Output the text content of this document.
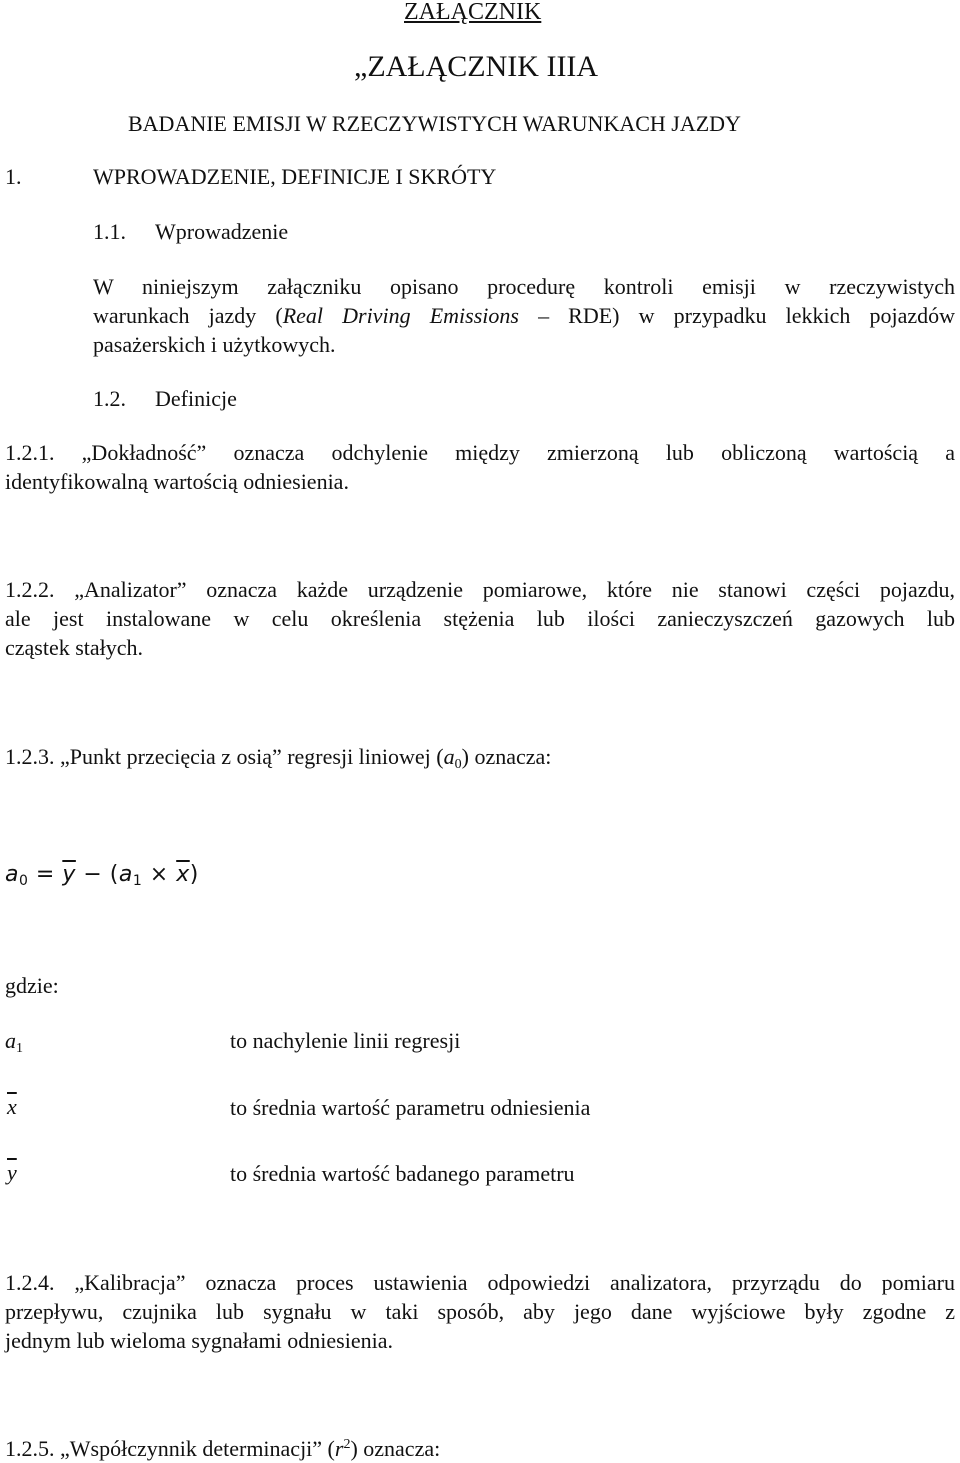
ZAŁĄCZNIK
„ZAŁĄCZNIK IIIA
BADANIE EMISJI W RZECZYWISTYCH WARUNKACH JAZDY
1.	WPROWADZENIE, DEFINICJE I SKRÓTY
1.1. Wprowadzenie
W niniejszym załączniku opisano procedurę kontroli emisji w rzeczywistych
warunkach jazdy (Real Driving Emissions – RDE) w przypadku lekkich pojazdów
pasażerskich i użytkowych.
1.2. Definicje
1.2.1. „Dokładność” oznacza odchylenie między zmierzoną lub obliczoną wartością a
identyfikowalną wartością odniesienia.
1.2.2. „Analizator” oznacza każde urządzenie pomiarowe, które nie stanowi części pojazdu,
ale jest instalowane w celu określenia stężenia lub ilości zanieczyszczeń gazowych lub
cząstek stałych.
1.2.3. „Punkt przecięcia z osią” regresji liniowej $(a_0)$ oznacza:
$a_0 = \overline{y} - (a_1 \times \overline{x})$
gdzie:
$a_1$	to nachylenie linii regresji
$\overline{x}$	to średnia wartość parametru odniesienia
$\overline{y}$	to średnia wartość badanego parametru
1.2.4. „Kalibracja” oznacza proces ustawienia odpowiedzi analizatora, przyrządu do pomiaru
przepływu, czujnika lub sygnału w taki sposób, aby jego dane wyjściowe były zgodne z
jednym lub wieloma sygnałami odniesienia.
1.2.5. „Współczynnik determinacji” $(r^2)$ oznacza:
